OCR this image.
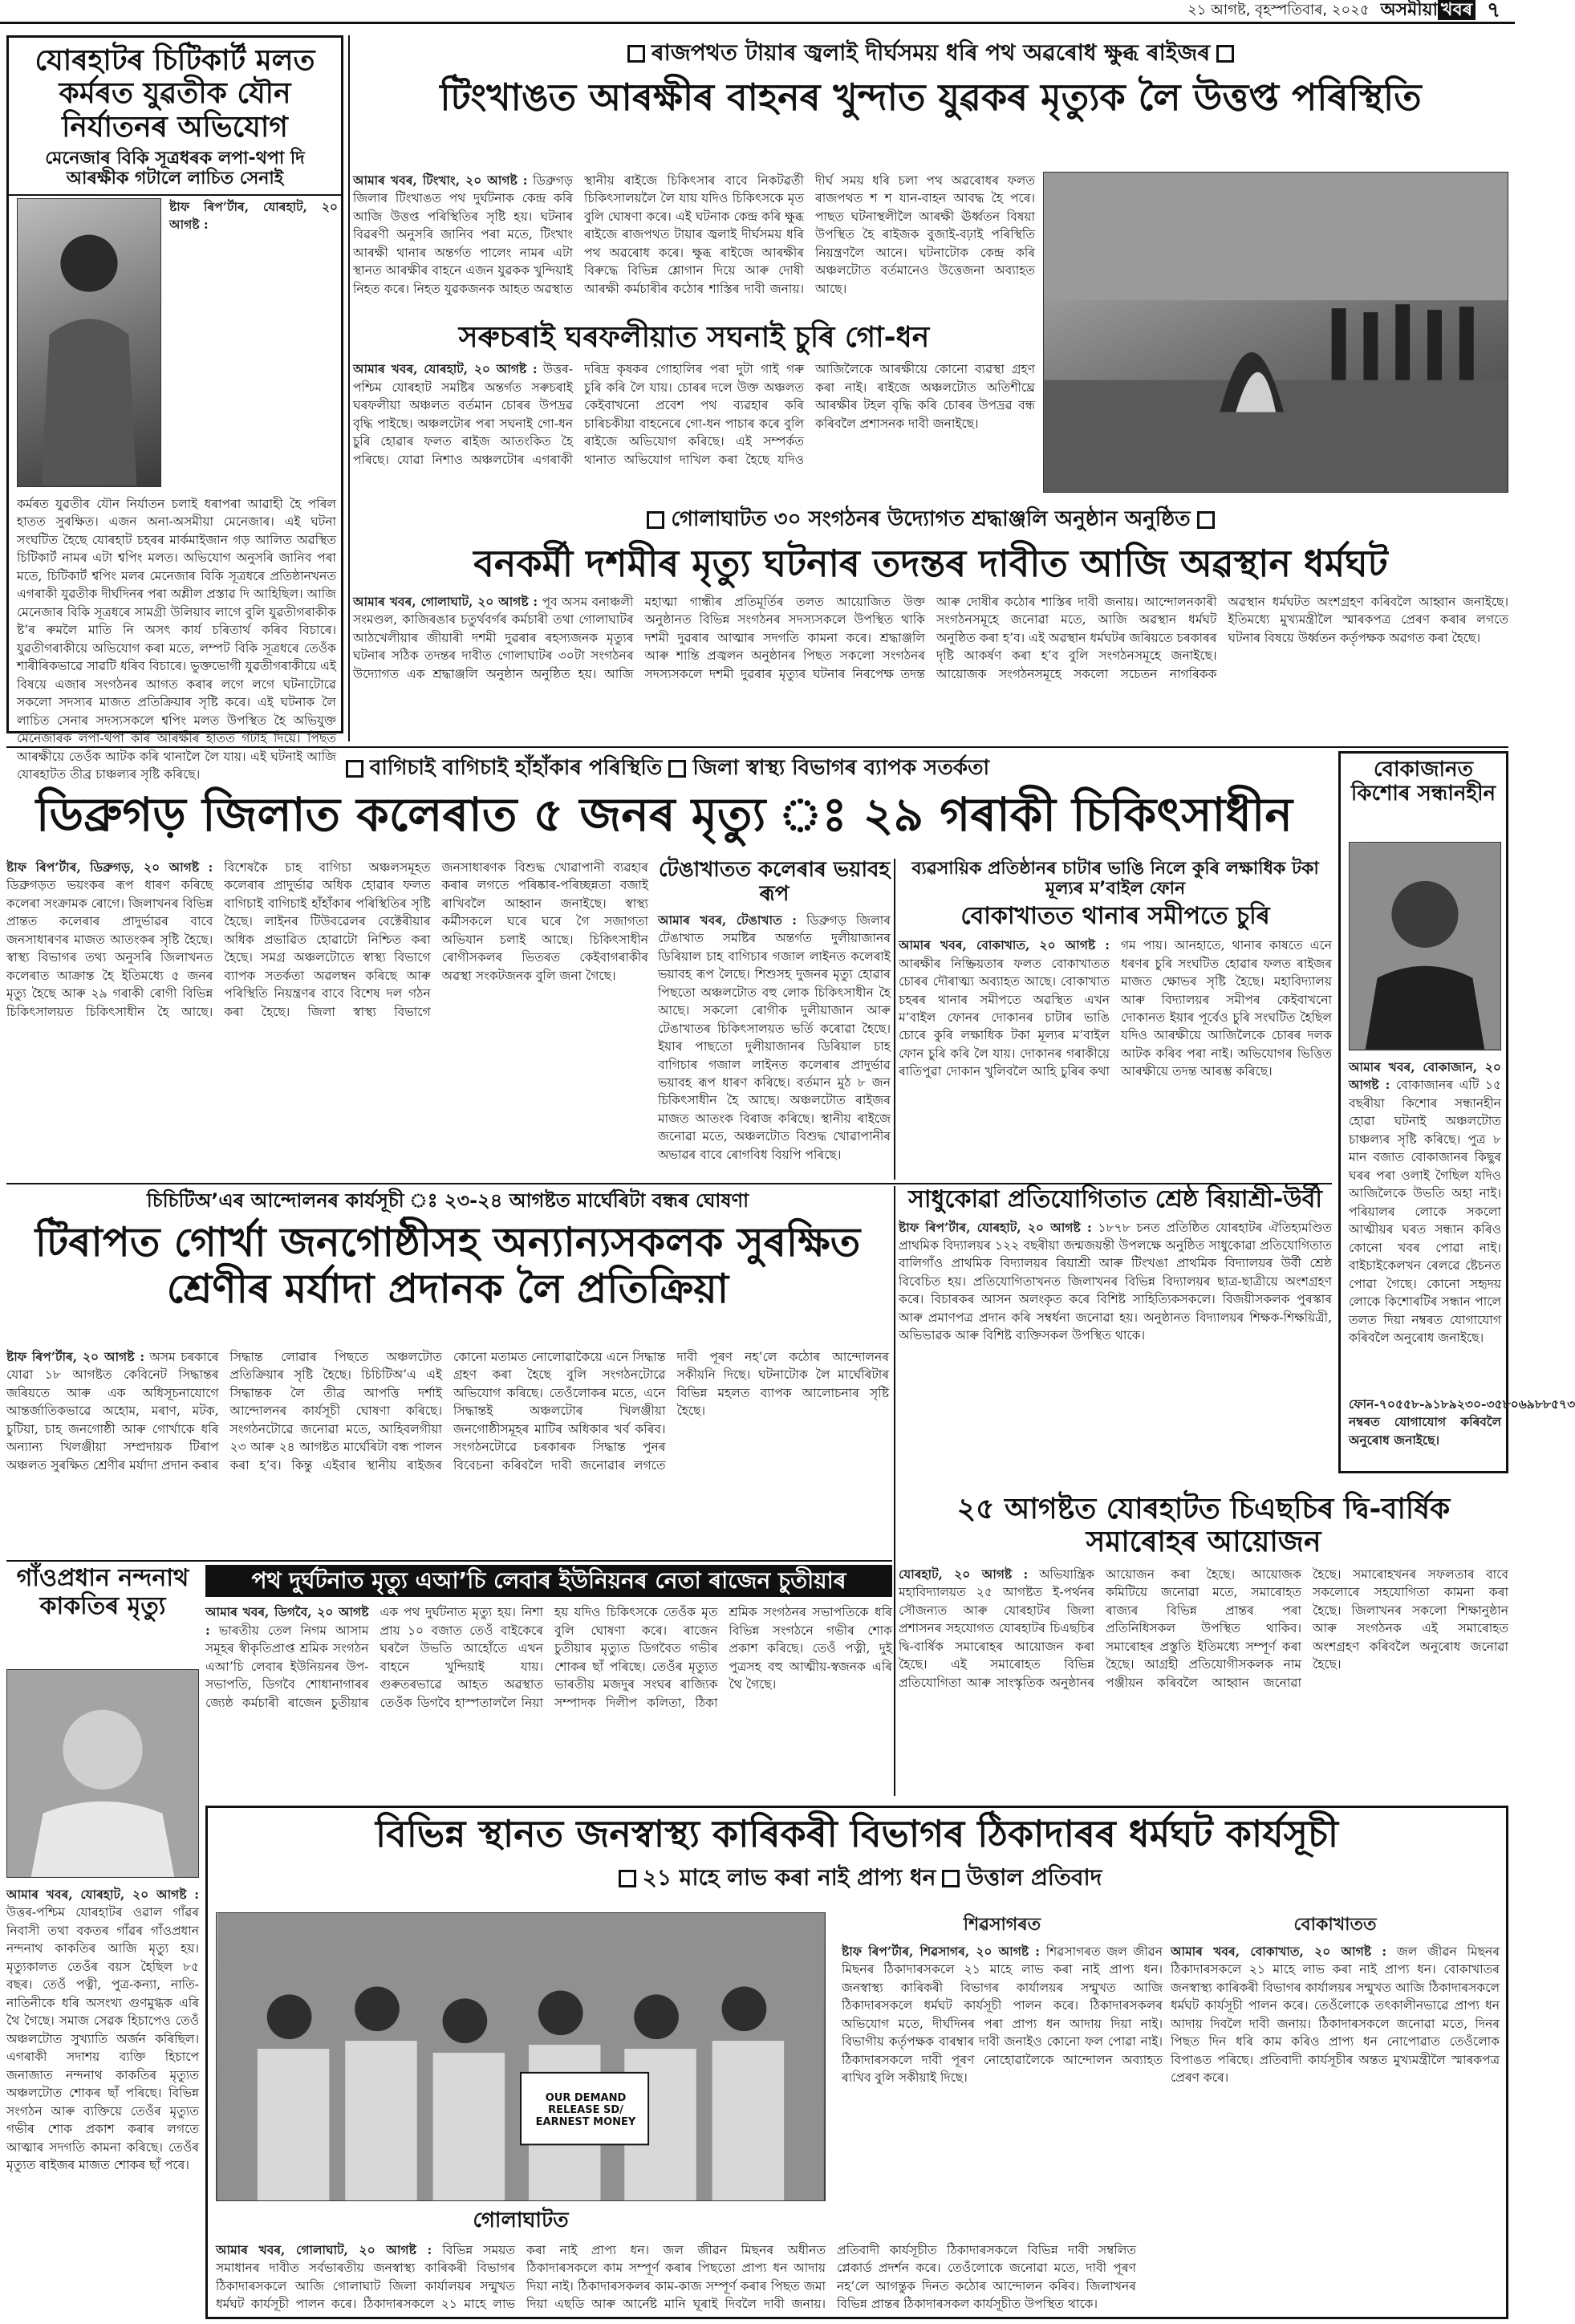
২১ আগষ্ট, বৃহস্পতিবাৰ, ২০২৫ অসমীয়া খবৰ ৭
যোৰহাটৰ চিটিকাৰ্ট মলত কৰ্মৰত যুৱতীক যৌন নিৰ্যাতনৰ অভিযোগ
মেনেজাৰ বিকি সূত্ৰধৰক লপা-থপা দি আৰক্ষীক গটালে লাচিত সেনাই
ষ্টাফ ৰিপ’ৰ্টাৰ, যোৰহাট, ২০ আগষ্ট :
কৰ্মৰত যুৱতীৰ যৌন নিৰ্যাতন চলাই ধৰাপৰা আৱাহী হৈ পৰিল হাতত সুৰক্ষিত। এজন অনা-অসমীয়া মেনেজাৰ। এই ঘটনা সংঘটিত হৈছে যোৰহাট চহৰৰ মাৰ্কমাইজান গড় আলিত অৱস্থিত চিটিকাৰ্ট নামৰ এটা শ্বপিং মলত। অভিযোগ অনুসৰি জানিব পৰা মতে, চিটিকাৰ্ট শ্বপিং মলৰ মেনেজাৰ বিকি সূত্ৰধৰে প্ৰতিষ্ঠানখনত এগৰাকী যুৱতীক দীৰ্ঘদিনৰ পৰা অশ্লীল প্ৰস্তাৱ দি আহিছিল। আজি মেনেজাৰ বিকি সূত্ৰধৰে সামগ্ৰী উলিয়াব লাগে বুলি যুৱতীগৰাকীক ষ্ট’ৰ ৰুমলৈ মাতি নি অসৎ কাৰ্য চৰিতাৰ্থ কৰিব বিচাৰে। যুৱতীগৰাকীয়ে অভিযোগ কৰা মতে, লম্পট বিকি সূত্ৰধৰে তেওঁক শাৰীৰিকভাৱে সাৱটি ধৰিব বিচাৰে। ভুক্তভোগী যুৱতীগৰাকীয়ে এই বিষয়ে এজাৰ সংগঠনৰ আগত কৰাৰ লগে লগে ঘটনাটোৱে সকলো সদস্যৰ মাজত প্ৰতিক্ৰিয়াৰ সৃষ্টি কৰে। এই ঘটনাক লৈ লাচিত সেনাৰ সদস্যসকলে শ্বপিং মলত উপস্থিত হৈ অভিযুক্ত মেনেজাৰক লপা-থপা কৰি আৰক্ষীৰ হাতত গটাই দিয়ে। পিছত আৰক্ষীয়ে তেওঁক আটক কৰি থানালৈ লৈ যায়। এই ঘটনাই আজি যোৰহাটত তীব্ৰ চাঞ্চল্যৰ সৃষ্টি কৰিছে।
ৰাজপথত টায়াৰ জ্বলাই দীৰ্ঘসময় ধৰি পথ অৱৰোধ ক্ষুব্ধ ৰাইজৰ
টিংখাঙত আৰক্ষীৰ বাহনৰ খুন্দাত যুৱকৰ মৃত্যুক লৈ উত্তপ্ত পৰিস্থিতি
আমাৰ খবৰ, টিংখাং, ২০ আগষ্ট : ডিব্ৰুগড় জিলাৰ টিংখাঙত পথ দুৰ্ঘটনাক কেন্দ্ৰ কৰি আজি উত্তপ্ত পৰিস্থিতিৰ সৃষ্টি হয়। ঘটনাৰ বিৱৰণী অনুসৰি জানিব পৰা মতে, টিংখাং আৰক্ষী থানাৰ অন্তৰ্গত পালেং নামৰ এটা স্থানত আৰক্ষীৰ বাহনে এজন যুৱকক খুন্দিয়াই নিহত কৰে। নিহত যুৱকজনক আহত অৱস্থাত স্থানীয় ৰাইজে চিকিৎসাৰ বাবে নিকটৱৰ্তী চিকিৎসালয়লৈ লৈ যায় যদিও চিকিৎসকে মৃত বুলি ঘোষণা কৰে। এই ঘটনাক কেন্দ্ৰ কৰি ক্ষুব্ধ ৰাইজে ৰাজপথত টায়াৰ জ্বলাই দীৰ্ঘসময় ধৰি পথ অৱৰোধ কৰে। ক্ষুব্ধ ৰাইজে আৰক্ষীৰ বিৰুদ্ধে বিভিন্ন শ্লোগান দিয়ে আৰু দোষী আৰক্ষী কৰ্মচাৰীৰ কঠোৰ শাস্তিৰ দাবী জনায়। দীৰ্ঘ সময় ধৰি চলা পথ অৱৰোধৰ ফলত ৰাজপথত শ শ যান-বাহন আবদ্ধ হৈ পৰে। পাছত ঘটনাস্থলীলৈ আৰক্ষী ঊৰ্ধ্বতন বিষয়া উপস্থিত হৈ ৰাইজক বুজাই-বঢ়াই পৰিস্থিতি নিয়ন্ত্ৰণলৈ আনে। ঘটনাটোক কেন্দ্ৰ কৰি অঞ্চলটোত বৰ্তমানেও উত্তেজনা অব্যাহত আছে।
সৰুচৰাই ঘৰফলীয়াত সঘনাই চুৰি গো-ধন
আমাৰ খবৰ, যোৰহাট, ২০ আগষ্ট : উত্তৰ-পশ্চিম যোৰহাট সমষ্টিৰ অন্তৰ্গত সৰুচৰাই ঘৰফলীয়া অঞ্চলত বৰ্তমান চোৰৰ উপদ্ৰৱ বৃদ্ধি পাইছে। অঞ্চলটোৰ পৰা সঘনাই গো-ধন চুৰি হোৱাৰ ফলত ৰাইজ আতংকিত হৈ পৰিছে। যোৱা নিশাও অঞ্চলটোৰ এগৰাকী দৰিদ্ৰ কৃষকৰ গোহালিৰ পৰা দুটা গাই গৰু চুৰি কৰি লৈ যায়। চোৰৰ দলে উক্ত অঞ্চলত কেইবাখনো প্ৰবেশ পথ ব্যৱহাৰ কৰি চাৰিচকীয়া বাহনেৰে গো-ধন পাচাৰ কৰে বুলি ৰাইজে অভিযোগ কৰিছে। এই সম্পৰ্কত থানাত অভিযোগ দাখিল কৰা হৈছে যদিও আজিলৈকে আৰক্ষীয়ে কোনো ব্যৱস্থা গ্ৰহণ কৰা নাই। ৰাইজে অঞ্চলটোত অতিশীঘ্ৰে আৰক্ষীৰ টহল বৃদ্ধি কৰি চোৰৰ উপদ্ৰৱ বন্ধ কৰিবলৈ প্ৰশাসনক দাবী জনাইছে।
গোলাঘাটত ৩০ সংগঠনৰ উদ্যোগত শ্ৰদ্ধাঞ্জলি অনুষ্ঠান অনুষ্ঠিত
বনকৰ্মী দশমীৰ মৃত্যু ঘটনাৰ তদন্তৰ দাবীত আজি অৱস্থান ধৰ্মঘট
আমাৰ খবৰ, গোলাঘাট, ২০ আগষ্ট : পূব অসম বনাঞ্চলী সংমণ্ডল, কাজিৰঙাৰ চতুৰ্থবৰ্গৰ কৰ্মচাৰী তথা গোলাঘাটৰ আঠখেলীয়াৰ জীয়াৰী দশমী দুৱৰাৰ ৰহস্যজনক মৃত্যুৰ ঘটনাৰ সঠিক তদন্তৰ দাবীত গোলাঘাটৰ ৩০টা সংগঠনৰ উদ্যোগত এক শ্ৰদ্ধাঞ্জলি অনুষ্ঠান অনুষ্ঠিত হয়। আজি মহাত্মা গান্ধীৰ প্ৰতিমূৰ্তিৰ তলত আয়োজিত উক্ত অনুষ্ঠানত বিভিন্ন সংগঠনৰ সদস্যসকলে উপস্থিত থাকি দশমী দুৱৰাৰ আত্মাৰ সদগতি কামনা কৰে। শ্ৰদ্ধাঞ্জলি আৰু শান্তি প্ৰজ্বলন অনুষ্ঠানৰ পিছত সকলো সংগঠনৰ সদস্যসকলে দশমী দুৱৰাৰ মৃত্যুৰ ঘটনাৰ নিৰপেক্ষ তদন্ত আৰু দোষীৰ কঠোৰ শাস্তিৰ দাবী জনায়। আন্দোলনকাৰী সংগঠনসমূহে জনোৱা মতে, আজি অৱস্থান ধৰ্মঘট অনুষ্ঠিত কৰা হ’ব। এই অৱস্থান ধৰ্মঘটৰ জৰিয়তে চৰকাৰৰ দৃষ্টি আকৰ্ষণ কৰা হ’ব বুলি সংগঠনসমূহে জনাইছে। আয়োজক সংগঠনসমূহে সকলো সচেতন নাগৰিকক অৱস্থান ধৰ্মঘটত অংশগ্ৰহণ কৰিবলৈ আহ্বান জনাইছে। ইতিমধ্যে মুখ্যমন্ত্ৰীলৈ স্মাৰকপত্ৰ প্ৰেৰণ কৰাৰ লগতে ঘটনাৰ বিষয়ে উৰ্ধ্বতন কৰ্তৃপক্ষক অৱগত কৰা হৈছে।
বাগিচাই বাগিচাই হাঁহাঁকাৰ পৰিস্থিতি জিলা স্বাস্থ্য বিভাগৰ ব্যাপক সতৰ্কতা
ডিব্ৰুগড় জিলাত কলেৰাত ৫ জনৰ মৃত্যু ঃ ২৯ গৰাকী চিকিৎসাধীন
ষ্টাফ ৰিপ’ৰ্টাৰ, ডিব্ৰুগড়, ২০ আগষ্ট : ডিব্ৰুগড়ত ভয়ংকৰ ৰূপ ধাৰণ কৰিছে কলেৰা সংক্ৰামক ৰোগে। জিলাখনৰ বিভিন্ন প্ৰান্তত কলেৰাৰ প্ৰাদুৰ্ভাৱৰ বাবে জনসাধাৰণৰ মাজত আতংকৰ সৃষ্টি হৈছে। স্বাস্থ্য বিভাগৰ তথ্য অনুসৰি জিলাখনত কলেৰাত আক্ৰান্ত হৈ ইতিমধ্যে ৫ জনৰ মৃত্যু হৈছে আৰু ২৯ গৰাকী ৰোগী বিভিন্ন চিকিৎসালয়ত চিকিৎসাধীন হৈ আছে। বিশেষকৈ চাহ বাগিচা অঞ্চলসমূহত কলেৰাৰ প্ৰাদুৰ্ভাৱ অধিক হোৱাৰ ফলত বাগিচাই বাগিচাই হাঁহাঁকাৰ পৰিস্থিতিৰ সৃষ্টি হৈছে। লাইনৰ টিউবৱেলৰ বেক্টেৰীয়াৰ অধিক প্ৰভাৱিত হোৱাটো নিশ্চিত কৰা হৈছে। সমগ্ৰ অঞ্চলটোতে স্বাস্থ্য বিভাগে ব্যাপক সতৰ্কতা অৱলম্বন কৰিছে আৰু পৰিস্থিতি নিয়ন্ত্ৰণৰ বাবে বিশেষ দল গঠন কৰা হৈছে। জিলা স্বাস্থ্য বিভাগে জনসাধাৰণক বিশুদ্ধ খোৱাপানী ব্যৱহাৰ কৰাৰ লগতে পৰিষ্কাৰ-পৰিচ্ছন্নতা বজাই ৰাখিবলৈ আহ্বান জনাইছে। স্বাস্থ্য কৰ্মীসকলে ঘৰে ঘৰে গৈ সজাগতা অভিযান চলাই আছে। চিকিৎসাধীন ৰোগীসকলৰ ভিতৰত কেইবাগৰাকীৰ অৱস্থা সংকটজনক বুলি জনা গৈছে।
টেঙাখাতত কলেৰাৰ ভয়াবহ ৰূপ
আমাৰ খবৰ, টেঙাখাত : ডিব্ৰুগড় জিলাৰ টেঙাখাত সমষ্টিৰ অন্তৰ্গত দুলীয়াজানৰ ডিৰিয়াল চাহ বাগিচাৰ গজাল লাইনত কলেৰাই ভয়াবহ ৰূপ লৈছে। শিশুসহ দুজনৰ মৃত্যু হোৱাৰ পিছতো অঞ্চলটোত বহু লোক চিকিৎসাধীন হৈ আছে। সকলো ৰোগীক দুলীয়াজান আৰু টেঙাখাতৰ চিকিৎসালয়ত ভৰ্তি কৰোৱা হৈছে। ইয়াৰ পাছতো দুলীয়াজানৰ ডিৰিয়াল চাহ বাগিচাৰ গজাল লাইনত কলেৰাৰ প্ৰাদুৰ্ভাৱ ভয়াবহ ৰূপ ধাৰণ কৰিছে। বৰ্তমান মুঠ ৮ জন চিকিৎসাধীন হৈ আছে। অঞ্চলটোত ৰাইজৰ মাজত আতংক বিৰাজ কৰিছে। স্থানীয় ৰাইজে জনোৱা মতে, অঞ্চলটোত বিশুদ্ধ খোৱাপানীৰ অভাৱৰ বাবে ৰোগবিধ বিয়পি পৰিছে।
ব্যৱসায়িক প্ৰতিষ্ঠানৰ চাটাৰ ভাঙি নিলে কুৰি লক্ষাধিক টকা মূল্যৰ ম’বাইল ফোন
বোকাখাতত থানাৰ সমীপতে চুৰি
আমাৰ খবৰ, বোকাখাত, ২০ আগষ্ট : আৰক্ষীৰ নিষ্ক্ৰিয়তাৰ ফলত বোকাখাতত চোৰৰ দৌৰাত্ম্য অব্যাহত আছে। বোকাখাত চহৰৰ থানাৰ সমীপতে অৱস্থিত এখন ম’বাইল ফোনৰ দোকানৰ চাটাৰ ভাঙি চোৰে কুৰি লক্ষাধিক টকা মূল্যৰ ম’বাইল ফোন চুৰি কৰি লৈ যায়। দোকানৰ গৰাকীয়ে ৰাতিপুৱা দোকান খুলিবলৈ আহি চুৰিৰ কথা গম পায়। আনহাতে, থানাৰ কাষতে এনে ধৰণৰ চুৰি সংঘটিত হোৱাৰ ফলত ৰাইজৰ মাজত ক্ষোভৰ সৃষ্টি হৈছে। মহাবিদ্যালয় আৰু বিদ্যালয়ৰ সমীপৰ কেইবাখনো দোকানত ইয়াৰ পূৰ্বেও চুৰি সংঘটিত হৈছিল যদিও আৰক্ষীয়ে আজিলৈকে চোৰৰ দলক আটক কৰিব পৰা নাই। অভিযোগৰ ভিত্তিত আৰক্ষীয়ে তদন্ত আৰম্ভ কৰিছে।
বোকাজানত কিশোৰ সন্ধানহীন
আমাৰ খবৰ, বোকাজান, ২০ আগষ্ট : বোকাজানৰ এটি ১৫ বছৰীয়া কিশোৰ সন্ধানহীন হোৱা ঘটনাই অঞ্চলটোত চাঞ্চল্যৰ সৃষ্টি কৰিছে। পুত্ৰ ৮ মান বজাত বোকাজানৰ কিছুৰ ঘৰৰ পৰা ওলাই গৈছিল যদিও আজিলৈকে উভতি অহা নাই। পৰিয়ালৰ লোকে সকলো আত্মীয়ৰ ঘৰত সন্ধান কৰিও কোনো খবৰ পোৱা নাই। বাইচাইকেলখন ৰেলৱে ষ্টেচনত পোৱা গৈছে। কোনো সহৃদয় লোকে কিশোৰটিৰ সন্ধান পালে তলত দিয়া নম্বৰত যোগাযোগ কৰিবলৈ অনুৰোধ জনাইছে।
ফোন-৭০৫৫৮-৯১৮৯২৩০-৩৫৮০৬৯৮৮৫৭৩ নম্বৰত যোগাযোগ কৰিবলৈ অনুৰোধ জনাইছে।
চিচিটিঅ’এৰ আন্দোলনৰ কাৰ্যসূচী ঃ ২৩-২৪ আগষ্টত মাৰ্ঘেৰিটা বন্ধৰ ঘোষণা
টিৰাপত গোৰ্খা জনগোষ্ঠীসহ অন্যান্যসকলক সুৰক্ষিত শ্ৰেণীৰ মৰ্যাদা প্ৰদানক লৈ প্ৰতিক্ৰিয়া
ষ্টাফ ৰিপ’ৰ্টাৰ, ২০ আগষ্ট : অসম চৰকাৰে যোৱা ১৮ আগষ্টত কেবিনেট সিদ্ধান্তৰ জৰিয়তে আৰু এক অধিসূচনাযোগে আন্তৰ্জাতিকভাৱে অহোম, মৰাণ, মটক, চুটিয়া, চাহ জনগোষ্ঠী আৰু গোৰ্খাকে ধৰি অন্যান্য খিলঞ্জীয়া সম্প্ৰদায়ক টিৰাপ অঞ্চলত সুৰক্ষিত শ্ৰেণীৰ মৰ্যাদা প্ৰদান কৰাৰ সিদ্ধান্ত লোৱাৰ পিছতে অঞ্চলটোত প্ৰতিক্ৰিয়াৰ সৃষ্টি হৈছে। চিচিটিঅ’এ এই সিদ্ধান্তক লৈ তীব্ৰ আপত্তি দৰ্শাই আন্দোলনৰ কাৰ্যসূচী ঘোষণা কৰিছে। সংগঠনটোৱে জনোৱা মতে, আহিবলগীয়া ২৩ আৰু ২৪ আগষ্টত মাৰ্ঘেৰিটা বন্ধ পালন কৰা হ’ব। কিন্তু এইবাৰ স্থানীয় ৰাইজৰ কোনো মতামত নোলোৱাকৈয়ে এনে সিদ্ধান্ত গ্ৰহণ কৰা হৈছে বুলি সংগঠনটোৱে অভিযোগ কৰিছে। তেওঁলোকৰ মতে, এনে সিদ্ধান্তই অঞ্চলটোৰ খিলঞ্জীয়া জনগোষ্ঠীসমূহৰ মাটিৰ অধিকাৰ খৰ্ব কৰিব। সংগঠনটোৱে চৰকাৰক সিদ্ধান্ত পুনৰ বিবেচনা কৰিবলৈ দাবী জনোৱাৰ লগতে দাবী পূৰণ নহ’লে কঠোৰ আন্দোলনৰ সকীয়নি দিছে। ঘটনাটোক লৈ মাৰ্ঘেৰিটাৰ বিভিন্ন মহলত ব্যাপক আলোচনাৰ সৃষ্টি হৈছে।
সাধুকোৱা প্ৰতিযোগিতাত শ্ৰেষ্ঠ ৰিয়াশ্ৰী-উৰ্বী
ষ্টাফ ৰিপ’ৰ্টাৰ, যোৰহাট, ২০ আগষ্ট : ১৮৭৮ চনত প্ৰতিষ্ঠিত যোৰহাটৰ ঐতিহ্যমণ্ডিত প্ৰাথমিক বিদ্যালয়ৰ ১২২ বছৰীয়া জন্মজয়ন্তী উপলক্ষে অনুষ্ঠিত সাধুকোৱা প্ৰতিযোগিতাত বালিগাঁও প্ৰাথমিক বিদ্যালয়ৰ ৰিয়াশ্ৰী আৰু টিংখঙা প্ৰাথমিক বিদ্যালয়ৰ উৰ্বী শ্ৰেষ্ঠ বিবেচিত হয়। প্ৰতিযোগিতাখনত জিলাখনৰ বিভিন্ন বিদ্যালয়ৰ ছাত্ৰ-ছাত্ৰীয়ে অংশগ্ৰহণ কৰে। বিচাৰকৰ আসন অলংকৃত কৰে বিশিষ্ট সাহিত্যিকসকলে। বিজয়ীসকলক পুৰস্কাৰ আৰু প্ৰমাণপত্ৰ প্ৰদান কৰি সম্বৰ্ধনা জনোৱা হয়। অনুষ্ঠানত বিদ্যালয়ৰ শিক্ষক-শিক্ষয়িত্ৰী, অভিভাৱক আৰু বিশিষ্ট ব্যক্তিসকল উপস্থিত থাকে।
২৫ আগষ্টত যোৰহাটত চিএছচিৰ দ্বি-বাৰ্ষিক সমাৰোহৰ আয়োজন
যোৰহাট, ২০ আগষ্ট : অভিযান্ত্ৰিক মহাবিদ্যালয়ত ২৫ আগষ্টত ই-পৰ্থনৰ সৌজন্যত আৰু যোৰহাটৰ জিলা প্ৰশাসনৰ সহযোগত যোৰহাটৰ চিএছচিৰ দ্বি-বাৰ্ষিক সমাৰোহৰ আয়োজন কৰা হৈছে। এই সমাৰোহত বিভিন্ন প্ৰতিযোগিতা আৰু সাংস্কৃতিক অনুষ্ঠানৰ আয়োজন কৰা হৈছে। আয়োজক কমিটিয়ে জনোৱা মতে, সমাৰোহত ৰাজ্যৰ বিভিন্ন প্ৰান্তৰ পৰা প্ৰতিনিধিসকল উপস্থিত থাকিব। সমাৰোহৰ প্ৰস্তুতি ইতিমধ্যে সম্পূৰ্ণ কৰা হৈছে। আগ্ৰহী প্ৰতিযোগীসকলক নাম পঞ্জীয়ন কৰিবলৈ আহ্বান জনোৱা হৈছে। সমাৰোহখনৰ সফলতাৰ বাবে সকলোৰে সহযোগিতা কামনা কৰা হৈছে। জিলাখনৰ সকলো শিক্ষানুষ্ঠান আৰু সংগঠনক এই সমাৰোহত অংশগ্ৰহণ কৰিবলৈ অনুৰোধ জনোৱা হৈছে।
গাঁওপ্ৰধান নন্দনাথ কাকতিৰ মৃত্যু
আমাৰ খবৰ, যোৰহাট, ২০ আগষ্ট : উত্তৰ-পশ্চিম যোৰহাটৰ ওৱাল গাঁৱৰ নিবাসী তথা বকতৰ গাঁৱৰ গাঁওপ্ৰধান নন্দনাথ কাকতিৰ আজি মৃত্যু হয়। মৃত্যুকালত তেওঁৰ বয়স হৈছিল ৮৫ বছৰ। তেওঁ পত্নী, পুত্ৰ-কন্যা, নাতি-নাতিনীকে ধৰি অসংখ্য গুণমুগ্ধক এৰি থৈ গৈছে। সমাজ সেৱক হিচাপেও তেওঁ অঞ্চলটোত সুখ্যাতি অৰ্জন কৰিছিল। এগৰাকী সদাশয় ব্যক্তি হিচাপে জনাজাত নন্দনাথ কাকতিৰ মৃত্যুত অঞ্চলটোত শোকৰ ছাঁ পৰিছে। বিভিন্ন সংগঠন আৰু ব্যক্তিয়ে তেওঁৰ মৃত্যুত গভীৰ শোক প্ৰকাশ কৰাৰ লগতে আত্মাৰ সদগতি কামনা কৰিছে। তেওঁৰ মৃত্যুত ৰাইজৰ মাজত শোকৰ ছাঁ পৰে।
পথ দুৰ্ঘটনাত মৃত্যু এআ’চি লেবাৰ ইউনিয়নৰ নেতা ৰাজেন চুতীয়াৰ
আমাৰ খবৰ, ডিগবৈ, ২০ আগষ্ট : ভাৰতীয় তেল নিগম আসাম সমূহৰ স্বীকৃতিপ্ৰাপ্ত শ্ৰমিক সংগঠন এআ’চি লেবাৰ ইউনিয়নৰ উপ-সভাপতি, ডিগবৈ শোধানাগাৰৰ জ্যেষ্ঠ কৰ্মচাৰী ৰাজেন চুতীয়াৰ এক পথ দুৰ্ঘটনাত মৃত্যু হয়। নিশা প্ৰায় ১০ বজাত তেওঁ বাইকেৰে ঘৰলৈ উভতি আহোঁতে এখন বাহনে খুন্দিয়াই যায়। গুৰুতৰভাৱে আহত অৱস্থাত তেওঁক ডিগবৈ হাস্পতাললৈ নিয়া হয় যদিও চিকিৎসকে তেওঁক মৃত বুলি ঘোষণা কৰে। ৰাজেন চুতীয়াৰ মৃত্যুত ডিগবৈত গভীৰ শোকৰ ছাঁ পৰিছে। তেওঁৰ মৃত্যুত ভাৰতীয় মজদুৰ সংঘৰ ৰাজ্যিক সম্পাদক দিলীপ কলিতা, ঠিকা শ্ৰমিক সংগঠনৰ সভাপতিকে ধৰি বিভিন্ন সংগঠনে গভীৰ শোক প্ৰকাশ কৰিছে। তেওঁ পত্নী, দুই পুত্ৰসহ বহু আত্মীয়-স্বজনক এৰি থৈ গৈছে।
বিভিন্ন স্থানত জনস্বাস্থ্য কাৰিকৰী বিভাগৰ ঠিকাদাৰৰ ধৰ্মঘট কাৰ্যসূচী
২১ মাহে লাভ কৰা নাই প্ৰাপ্য ধন উত্তাল প্ৰতিবাদ
OUR DEMAND RELEASE SD/ EARNEST MONEY
গোলাঘাটত
আমাৰ খবৰ, গোলাঘাট, ২০ আগষ্ট : বিভিন্ন সময়ত সমাধানৰ দাবীত সৰ্বভাৰতীয় জনস্বাস্থ্য কাৰিকৰী বিভাগৰ ঠিকাদাৰসকলে আজি গোলাঘাট জিলা কাৰ্যালয়ৰ সন্মুখত ধৰ্মঘট কাৰ্যসূচী পালন কৰে। ঠিকাদাৰসকলে ২১ মাহে লাভ কৰা নাই প্ৰাপ্য ধন। জল জীৱন মিছনৰ অধীনত ঠিকাদাৰসকলে কাম সম্পূৰ্ণ কৰাৰ পিছতো প্ৰাপ্য ধন আদায় দিয়া নাই। ঠিকাদাৰসকলৰ কাম-কাজ সম্পূৰ্ণ কৰাৰ পিছত জমা দিয়া এছডি আৰু আৰ্নেষ্ট মানি ঘূৰাই দিবলৈ দাবী জনায়। প্ৰতিবাদী কাৰ্যসূচীত ঠিকাদাৰসকলে বিভিন্ন দাবী সম্বলিত প্লেকাৰ্ড প্ৰদৰ্শন কৰে। তেওঁলোকে জনোৱা মতে, দাবী পূৰণ নহ’লে আগন্তুক দিনত কঠোৰ আন্দোলন কৰিব। জিলাখনৰ বিভিন্ন প্ৰান্তৰ ঠিকাদাৰসকল কাৰ্যসূচীত উপস্থিত থাকে।
শিৱসাগৰত
ষ্টাফ ৰিপ’ৰ্টাৰ, শিৱসাগৰ, ২০ আগষ্ট : শিৱসাগৰত জল জীৱন মিছনৰ ঠিকাদাৰসকলে ২১ মাহে লাভ কৰা নাই প্ৰাপ্য ধন। জনস্বাস্থ্য কাৰিকৰী বিভাগৰ কাৰ্যালয়ৰ সন্মুখত আজি ঠিকাদাৰসকলে ধৰ্মঘট কাৰ্যসূচী পালন কৰে। ঠিকাদাৰসকলৰ অভিযোগ মতে, দীৰ্ঘদিনৰ পৰা প্ৰাপ্য ধন আদায় দিয়া নাই। বিভাগীয় কৰ্তৃপক্ষক বাৰম্বাৰ দাবী জনাইও কোনো ফল পোৱা নাই। ঠিকাদাৰসকলে দাবী পূৰণ নোহোৱালৈকে আন্দোলন অব্যাহত ৰাখিব বুলি সকীয়াই দিছে।
বোকাখাতত
আমাৰ খবৰ, বোকাখাত, ২০ আগষ্ট : জল জীৱন মিছনৰ ঠিকাদাৰসকলে ২১ মাহে লাভ কৰা নাই প্ৰাপ্য ধন। বোকাখাতৰ জনস্বাস্থ্য কাৰিকৰী বিভাগৰ কাৰ্যালয়ৰ সন্মুখত আজি ঠিকাদাৰসকলে ধৰ্মঘট কাৰ্যসূচী পালন কৰে। তেওঁলোকে তৎকালীনভাৱে প্ৰাপ্য ধন আদায় দিবলৈ দাবী জনায়। ঠিকাদাৰসকলে জনোৱা মতে, দিনৰ পিছত দিন ধৰি কাম কৰিও প্ৰাপ্য ধন নোপোৱাত তেওঁলোক বিপাঙত পৰিছে। প্ৰতিবাদী কাৰ্যসূচীৰ অন্তত মুখ্যমন্ত্ৰীলৈ স্মাৰকপত্ৰ প্ৰেৰণ কৰে।
